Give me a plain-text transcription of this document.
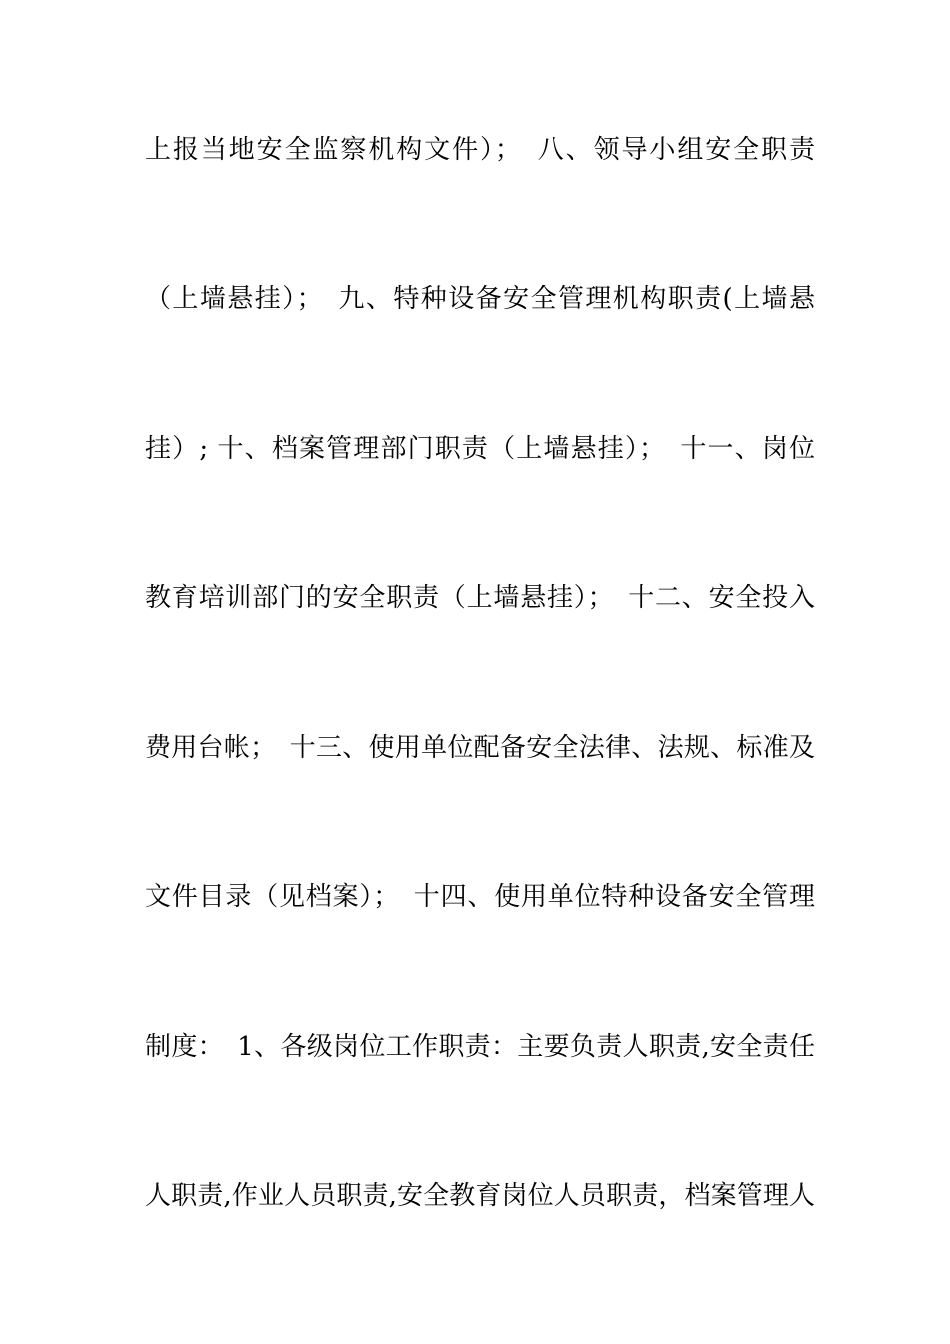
上报当地安全监察机构文件）；　八、领导小组安全职责
（上墙悬挂）；　九、特种设备安全管理机构职责(上墙悬
挂）; 十、档案管理部门职责（上墙悬挂）；　十一、岗位
教育培训部门的安全职责（上墙悬挂）；　十二、安全投入
费用台帐；　十三、使用单位配备安全法律、法规、标准及
文件目录（见档案）；　十四、使用单位特种设备安全管理
制度：　1、各级岗位工作职责：主要负责人职责,安全责任
人职责,作业人员职责,安全教育岗位人员职责，档案管理人
